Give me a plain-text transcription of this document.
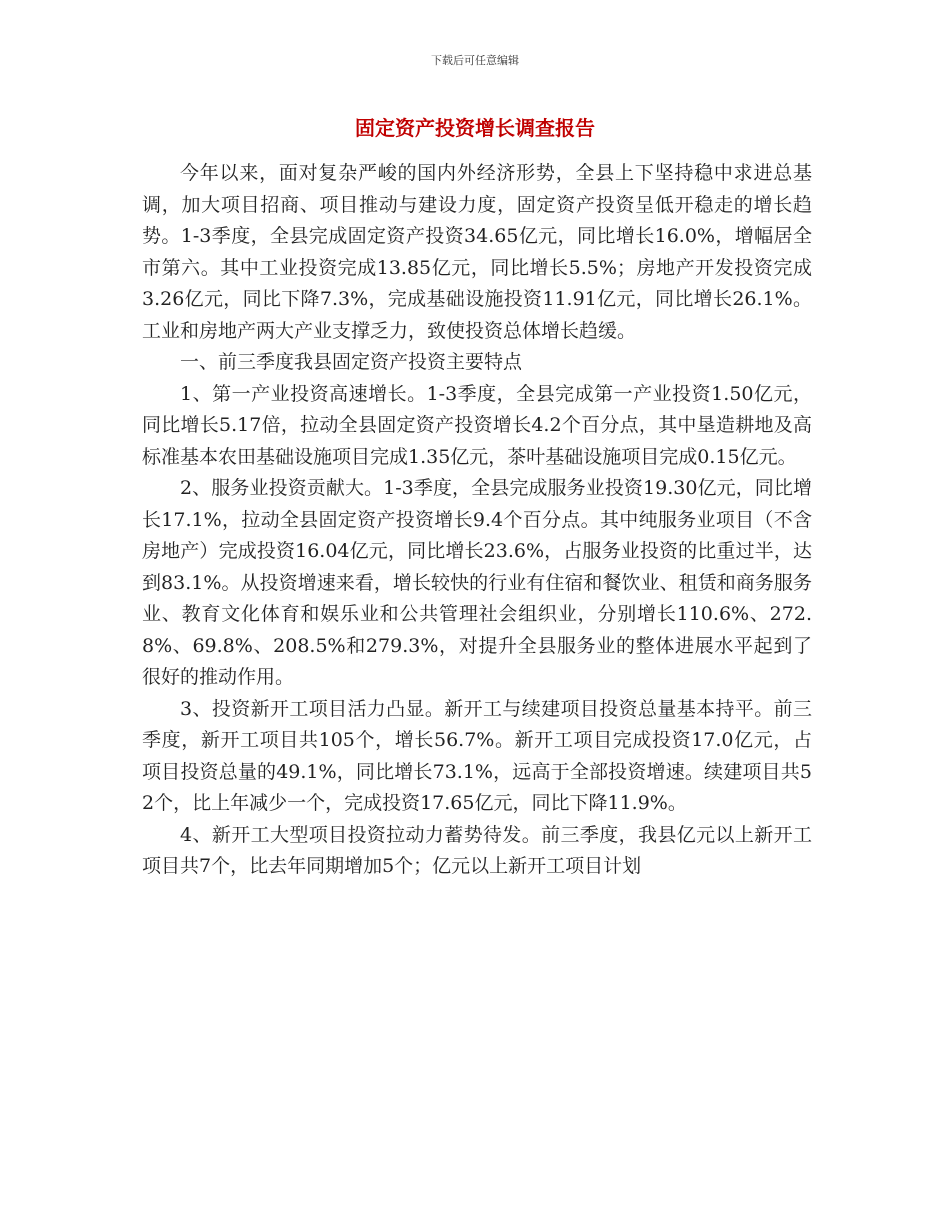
下载后可任意编辑
固定资产投资增长调查报告

今年以来，面对复杂严峻的国内外经济形势，全县上下坚持稳中求进总基调，加大项目招商、项目推动与建设力度，固定资产投资呈低开稳走的增长趋势。1-3季度，全县完成固定资产投资34.65亿元，同比增长16.0%，增幅居全市第六。其中工业投资完成13.85亿元，同比增长5.5%；房地产开发投资完成3.26亿元，同比下降7.3%，完成基础设施投资11.91亿元，同比增长26.1%。工业和房地产两大产业支撑乏力，致使投资总体增长趋缓。

一、前三季度我县固定资产投资主要特点

1、第一产业投资高速增长。1-3季度，全县完成第一产业投资1.50亿元，同比增长5.17倍，拉动全县固定资产投资增长4.2个百分点，其中垦造耕地及高标准基本农田基础设施项目完成1.35亿元，茶叶基础设施项目完成0.15亿元。

2、服务业投资贡献大。1-3季度，全县完成服务业投资19.30亿元，同比增长17.1%，拉动全县固定资产投资增长9.4个百分点。其中纯服务业项目（不含房地产）完成投资16.04亿元，同比增长23.6%，占服务业投资的比重过半，达到83.1%。从投资增速来看，增长较快的行业有住宿和餐饮业、租赁和商务服务业、教育文化体育和娱乐业和公共管理社会组织业，分别增长110.6%、272.8%、69.8%、208.5%和279.3%，对提升全县服务业的整体进展水平起到了很好的推动作用。

3、投资新开工项目活力凸显。新开工与续建项目投资总量基本持平。前三季度，新开工项目共105个，增长56.7%。新开工项目完成投资17.0亿元，占项目投资总量的49.1%，同比增长73.1%，远高于全部投资增速。续建项目共52个，比上年减少一个，完成投资17.65亿元，同比下降11.9%。

4、新开工大型项目投资拉动力蓄势待发。前三季度，我县亿元以上新开工项目共7个，比去年同期增加5个；亿元以上新开工项目计划
